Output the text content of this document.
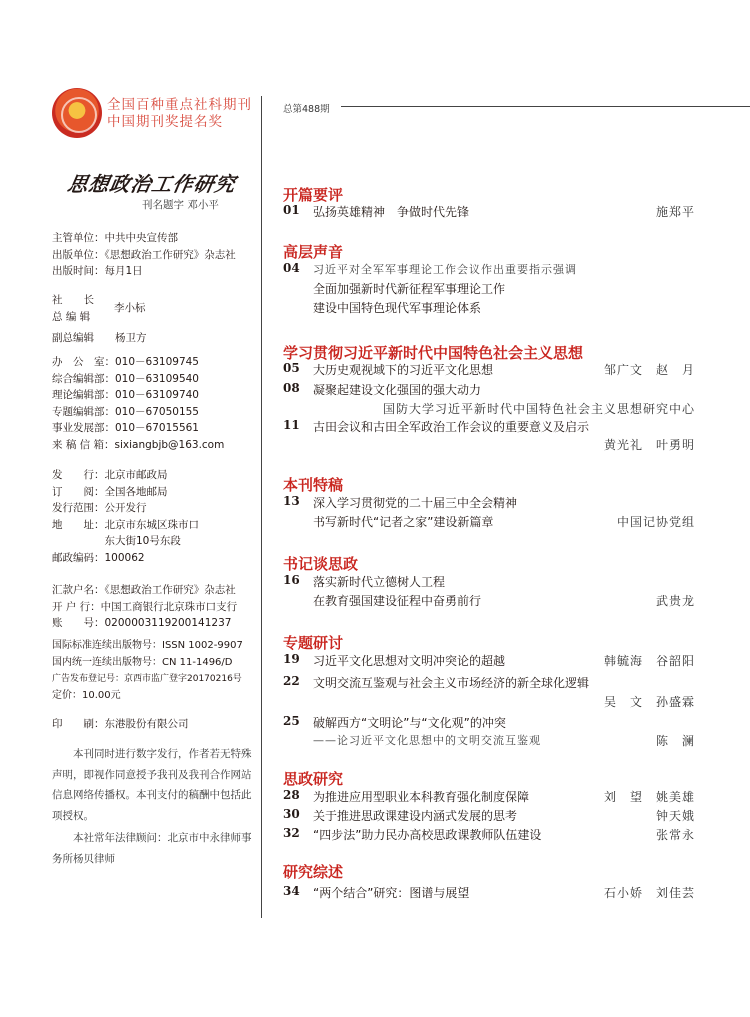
全国百种重点社科期刊
中国期刊奖提名奖
思想政治工作研究
刊名题字 邓小平
主管单位：中共中央宣传部
出版单位：《思想政治工作研究》杂志社
出版时间：每月1日
社　　长
总 编 辑
李小标
副总编辑　　杨卫方
办　公　室：010－63109745
综合编辑部：010－63109540
理论编辑部：010－63109740
专题编辑部：010－67050155
事业发展部：010－67015561
来 稿 信 箱：sixiangbjb@163.com
发　　行：北京市邮政局
订　　阅：全国各地邮局
发行范围：公开发行
地　　址：北京市东城区珠市口
　　　　　东大街10号东段
邮政编码：100062
汇款户名：《思想政治工作研究》杂志社
开 户 行：中国工商银行北京珠市口支行
账　　号：0200003119200141237
国际标准连续出版物号：ISSN 1002-9907
国内统一连续出版物号：CN 11-1496/D
广告发布登记号：京西市监广登字20170216号
定价：10.00元
印　　刷：东港股份有限公司

本刊同时进行数字发行，作者若无特殊声明，即视作同意授予我刊及我刊合作网站信息网络传播权。本刊支付的稿酬中包括此项授权。

本社常年法律顾问：北京市中永律师事务所杨贝律师

总第488期
开篇要评
01 弘扬英雄精神　争做时代先锋	施郑平
高层声音
04 习近平对全军军事理论工作会议作出重要指示强调
全面加强新时代新征程军事理论工作
建设中国特色现代军事理论体系
学习贯彻习近平新时代中国特色社会主义思想
05 大历史观视域下的习近平文化思想	邹广文　赵　月
08 凝聚起建设文化强国的强大动力
国防大学习近平新时代中国特色社会主义思想研究中心
11 古田会议和古田全军政治工作会议的重要意义及启示
黄光礼　叶勇明
本刊特稿
13 深入学习贯彻党的二十届三中全会精神
书写新时代“记者之家”建设新篇章	中国记协党组
书记谈思政
16 落实新时代立德树人工程
在教育强国建设征程中奋勇前行	武贵龙
专题研讨
19 习近平文化思想对文明冲突论的超越	韩毓海　谷韶阳
22 文明交流互鉴观与社会主义市场经济的新全球化逻辑
吴　文　孙盛霖
25 破解西方“文明论”与“文化观”的冲突
——论习近平文化思想中的文明交流互鉴观	陈　澜
思政研究
28 为推进应用型职业本科教育强化制度保障	刘　望　姚美雄
30 关于推进思政课建设内涵式发展的思考	钟天娥
32 “四步法”助力民办高校思政课教师队伍建设	张常永
研究综述
34 “两个结合”研究：图谱与展望	石小娇　刘佳芸
